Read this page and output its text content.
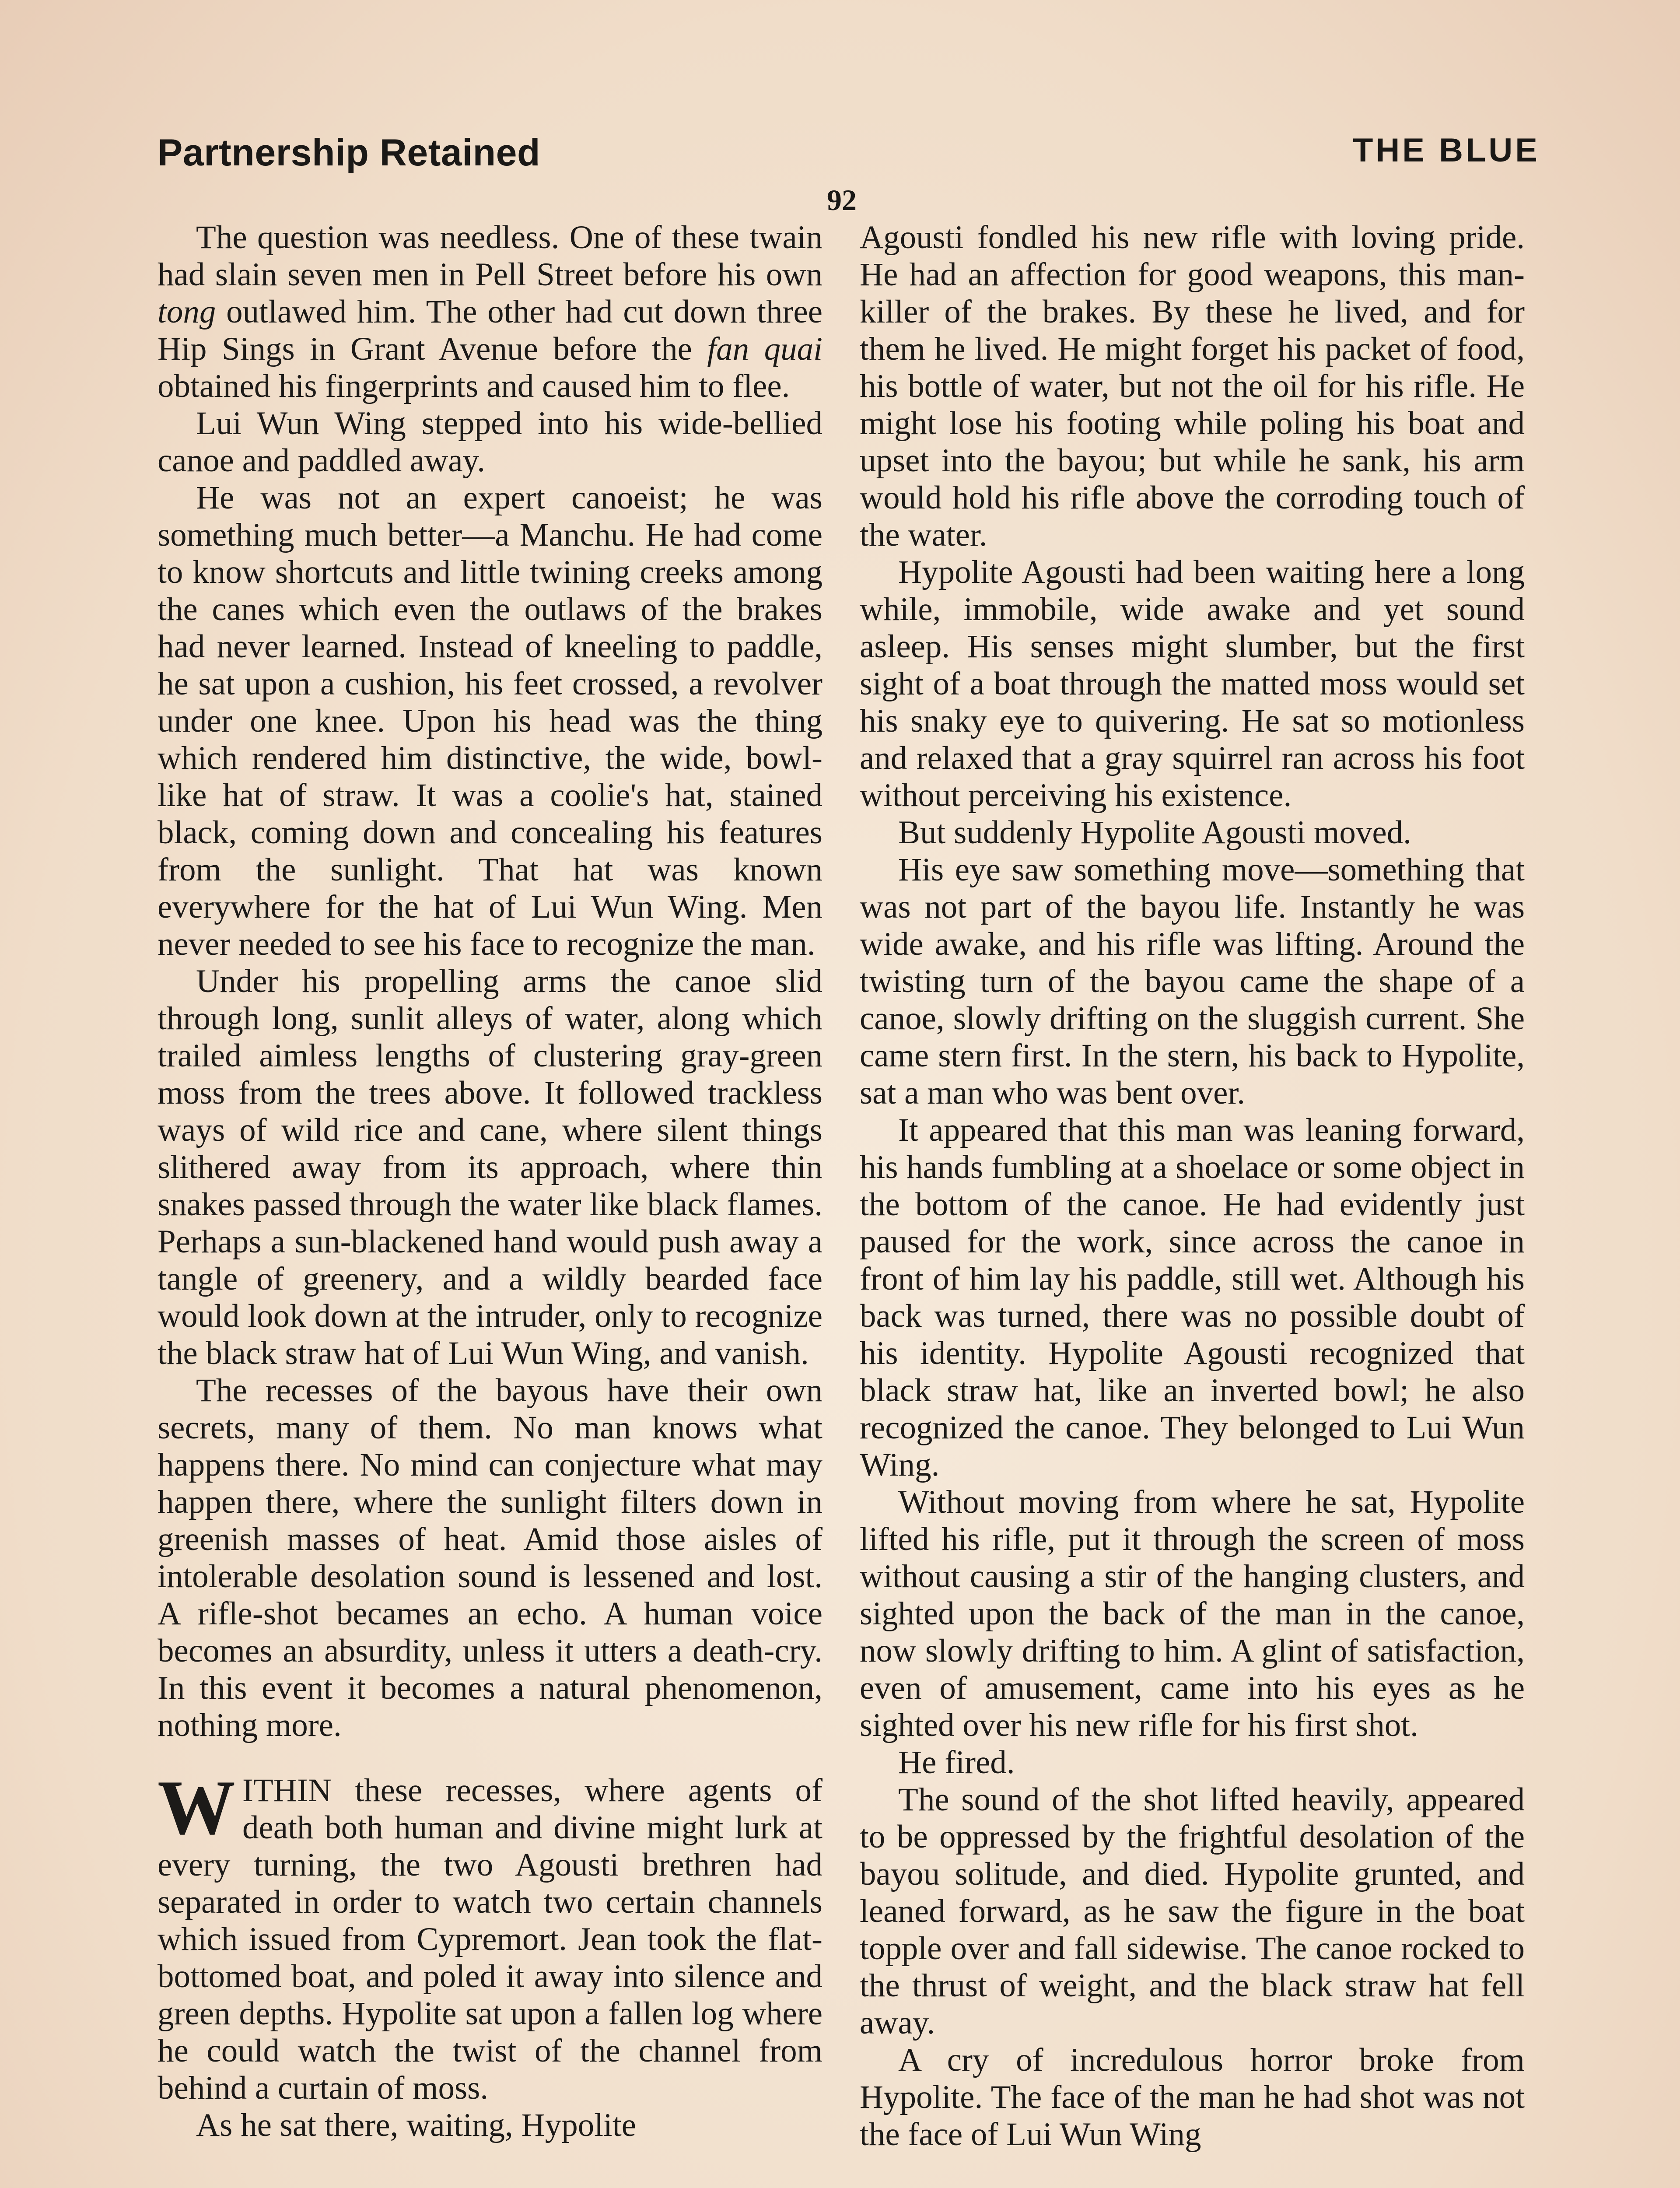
Partnership Retained	THE BLUE
92

The question was needless. One of these twain had slain seven men in Pell Street before his own tong outlawed him. The other had cut down three Hip Sings in Grant Avenue before the fan quai obtained his fingerprints and caused him to flee.

Lui Wun Wing stepped into his wide-bellied canoe and paddled away.

He was not an expert canoeist; he was something much better—a Manchu. He had come to know shortcuts and little twining creeks among the canes which even the outlaws of the brakes had never learned. Instead of kneeling to paddle, he sat upon a cushion, his feet crossed, a revolver under one knee. Upon his head was the thing which rendered him distinctive, the wide, bowl-like hat of straw. It was a coolie's hat, stained black, coming down and concealing his features from the sunlight. That hat was known everywhere for the hat of Lui Wun Wing. Men never needed to see his face to recognize the man.

Under his propelling arms the canoe slid through long, sunlit alleys of water, along which trailed aimless lengths of clustering gray-green moss from the trees above. It followed trackless ways of wild rice and cane, where silent things slithered away from its approach, where thin snakes passed through the water like black flames. Perhaps a sun-blackened hand would push away a tangle of greenery, and a wildly bearded face would look down at the intruder, only to recognize the black straw hat of Lui Wun Wing, and vanish.

The recesses of the bayous have their own secrets, many of them. No man knows what happens there. No mind can conjecture what may happen there, where the sunlight filters down in greenish masses of heat. Amid those aisles of intolerable desolation sound is lessened and lost. A rifle-shot becames an echo. A human voice becomes an absurdity, unless it utters a death-cry. In this event it becomes a natural phenomenon, nothing more.

WITHIN these recesses, where agents of death both human and divine might lurk at every turning, the two Agousti brethren had separated in order to watch two certain channels which issued from Cypremort. Jean took the flat-bottomed boat, and poled it away into silence and green depths. Hypolite sat upon a fallen log where he could watch the twist of the channel from behind a curtain of moss.

As he sat there, waiting, Hypolite

Agousti fondled his new rifle with loving pride. He had an affection for good weapons, this man-killer of the brakes. By these he lived, and for them he lived. He might forget his packet of food, his bottle of water, but not the oil for his rifle. He might lose his footing while poling his boat and upset into the bayou; but while he sank, his arm would hold his rifle above the corroding touch of the water.

Hypolite Agousti had been waiting here a long while, immobile, wide awake and yet sound asleep. His senses might slumber, but the first sight of a boat through the matted moss would set his snaky eye to quivering. He sat so motionless and relaxed that a gray squirrel ran across his foot without perceiving his existence.

But suddenly Hypolite Agousti moved.

His eye saw something move—something that was not part of the bayou life. Instantly he was wide awake, and his rifle was lifting. Around the twisting turn of the bayou came the shape of a canoe, slowly drifting on the sluggish current. She came stern first. In the stern, his back to Hypolite, sat a man who was bent over.

It appeared that this man was leaning forward, his hands fumbling at a shoelace or some object in the bottom of the canoe. He had evidently just paused for the work, since across the canoe in front of him lay his paddle, still wet. Although his back was turned, there was no possible doubt of his identity. Hypolite Agousti recognized that black straw hat, like an inverted bowl; he also recognized the canoe. They belonged to Lui Wun Wing.

Without moving from where he sat, Hypolite lifted his rifle, put it through the screen of moss without causing a stir of the hanging clusters, and sighted upon the back of the man in the canoe, now slowly drifting to him. A glint of satisfaction, even of amusement, came into his eyes as he sighted over his new rifle for his first shot.

He fired.

The sound of the shot lifted heavily, appeared to be oppressed by the frightful desolation of the bayou solitude, and died. Hypolite grunted, and leaned forward, as he saw the figure in the boat topple over and fall sidewise. The canoe rocked to the thrust of weight, and the black straw hat fell away.

A cry of incredulous horror broke from Hypolite. The face of the man he had shot was not the face of Lui Wun Wing
